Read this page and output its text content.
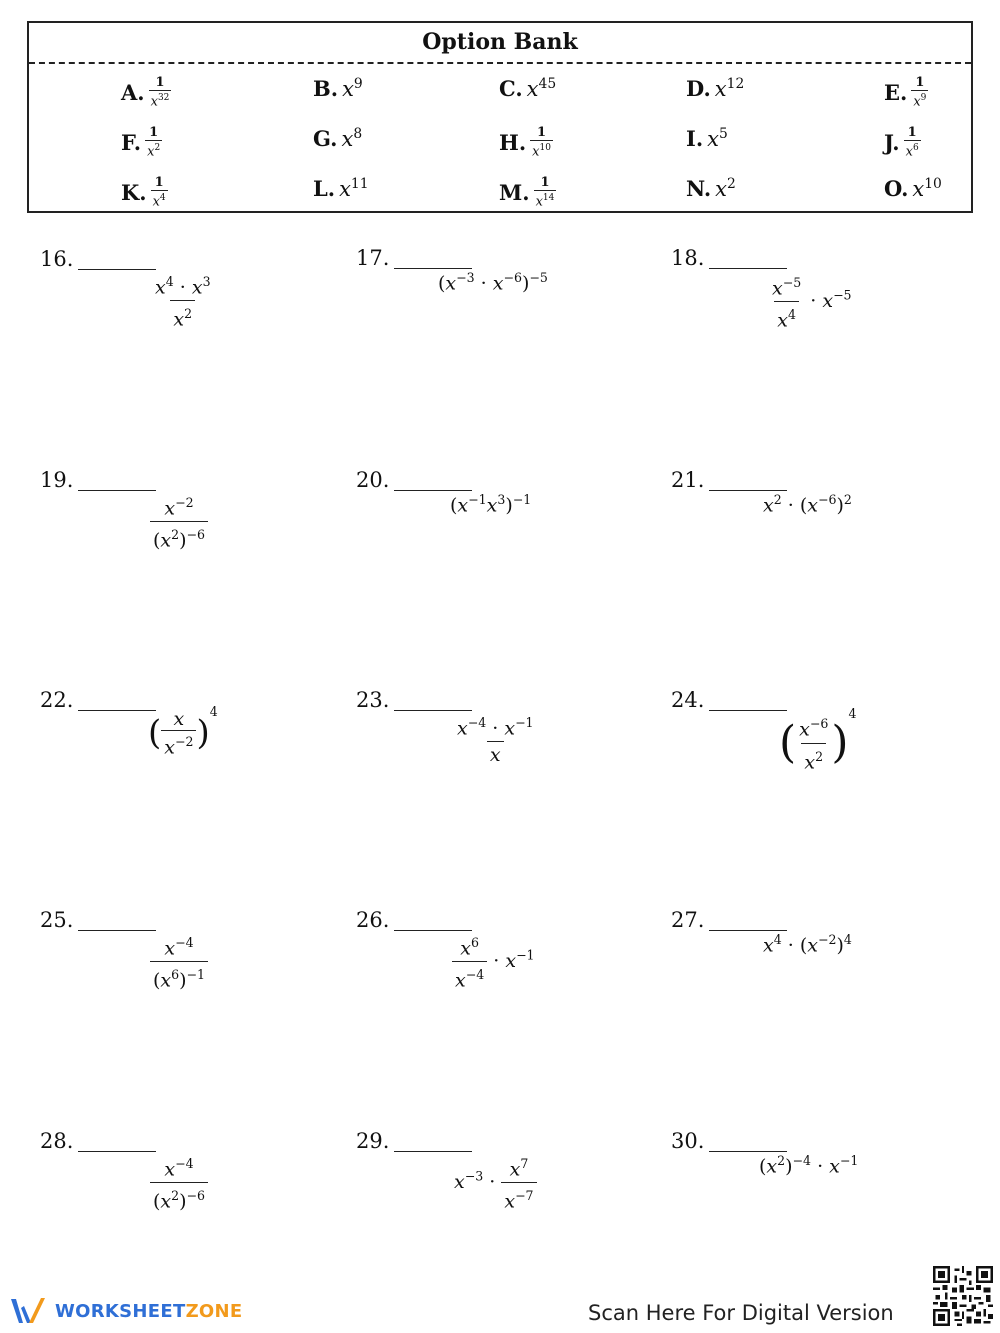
Option Bank
A. $\frac{1}{x^{32}}$	B. $x^9$	C. $x^{45}$	D. $x^{12}$	E. $\frac{1}{x^9}$
F. $\frac{1}{x^2}$	G. $x^8$	H. $\frac{1}{x^{10}}$	I. $x^5$	J. $\frac{1}{x^6}$
K. $\frac{1}{x^4}$	L. $x^{11}$	M. $\frac{1}{x^{14}}$	N. $x^2$	O. $x^{10}$
16.
$\frac{x^4 \cdot x^3}{x^2}$
17.
$(x^{-3} \cdot x^{-6})^{-5}$
18.
$\frac{x^{-5}}{x^4} \cdot x^{-5}$
19.
$\frac{x^{-2}}{(x^2)^{-6}}$
20.
$(x^{-1}x^3)^{-1}$
21.
$x^2 \cdot (x^{-6})^2$
22.
( $\frac{x}{x^{-2}} )^4$	23.
$\frac{x^{-4} \cdot x^{-1}}{x}$
24.
( $\frac{x^{-6}}{x^2} )^4$
25.
$\frac{x^{-4}}{(x^6)^{-1}}$
26.
$\frac{x^6}{x^{-4}} \cdot x^{-1}$
27.
$x^4 \cdot (x^{-2})^4$
28.
$\frac{x^{-4}}{(x^2)^{-6}}$
29.
$x^{-3} \cdot \frac{x^7}{x^{-7}}$
30.
$(x^2)^{-4} \cdot x^{-1}$
WORKSHEETZONE	Scan Here For Digital Version
